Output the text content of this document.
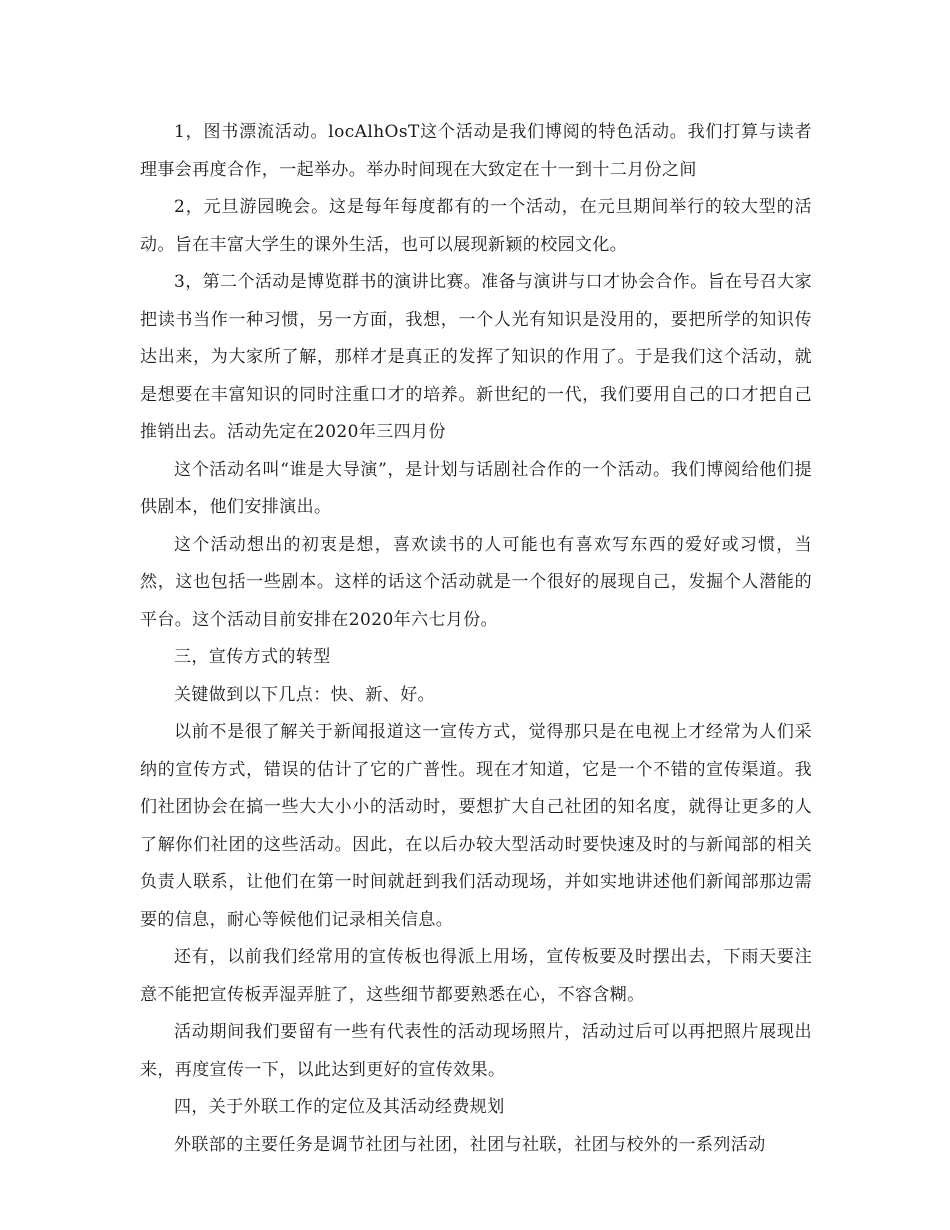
1，图书漂流活动。locAlhOsT这个活动是我们博阅的特色活动。我们打算与读者理事会再度合作，一起举办。举办时间现在大致定在十一到十二月份之间

2，元旦游园晚会。这是每年每度都有的一个活动，在元旦期间举行的较大型的活动。旨在丰富大学生的课外生活，也可以展现新颖的校园文化。

3，第二个活动是博览群书的演讲比赛。准备与演讲与口才协会合作。旨在号召大家把读书当作一种习惯，另一方面，我想，一个人光有知识是没用的，要把所学的知识传达出来，为大家所了解，那样才是真正的发挥了知识的作用了。于是我们这个活动，就是想要在丰富知识的同时注重口才的培养。新世纪的一代，我们要用自己的口才把自己推销出去。活动先定在2020年三四月份

这个活动名叫“谁是大导演”，是计划与话剧社合作的一个活动。我们博阅给他们提供剧本，他们安排演出。

这个活动想出的初衷是想，喜欢读书的人可能也有喜欢写东西的爱好或习惯，当然，这也包括一些剧本。这样的话这个活动就是一个很好的展现自己，发掘个人潜能的平台。这个活动目前安排在2020年六七月份。

三，宣传方式的转型

关键做到以下几点：快、新、好。

以前不是很了解关于新闻报道这一宣传方式，觉得那只是在电视上才经常为人们采纳的宣传方式，错误的估计了它的广普性。现在才知道，它是一个不错的宣传渠道。我们社团协会在搞一些大大小小的活动时，要想扩大自己社团的知名度，就得让更多的人了解你们社团的这些活动。因此，在以后办较大型活动时要快速及时的与新闻部的相关负责人联系，让他们在第一时间就赶到我们活动现场，并如实地讲述他们新闻部那边需要的信息，耐心等候他们记录相关信息。

还有，以前我们经常用的宣传板也得派上用场，宣传板要及时摆出去，下雨天要注意不能把宣传板弄湿弄脏了，这些细节都要熟悉在心，不容含糊。

活动期间我们要留有一些有代表性的活动现场照片，活动过后可以再把照片展现出来，再度宣传一下，以此达到更好的宣传效果。

四，关于外联工作的定位及其活动经费规划

外联部的主要任务是调节社团与社团，社团与社联，社团与校外的一系列活动
